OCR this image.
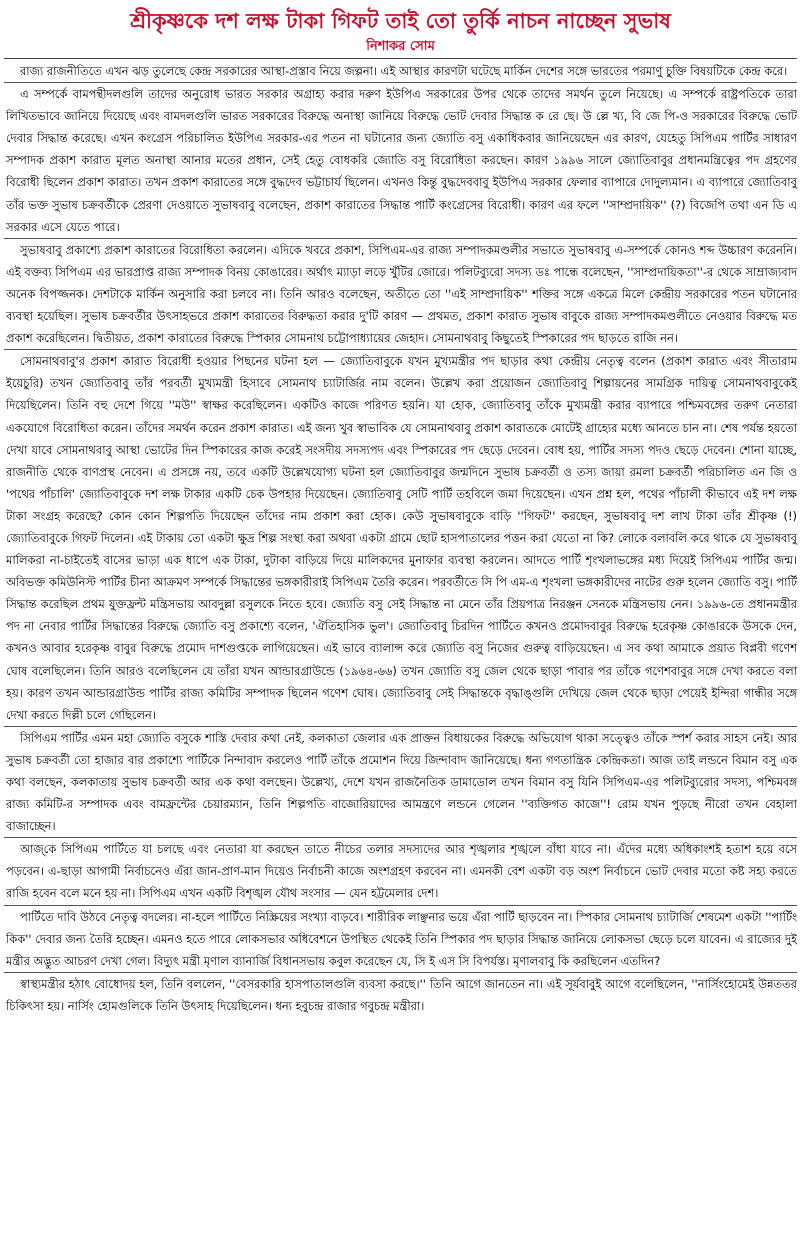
শ্রীকৃষ্ণকে দশ লক্ষ টাকা গিফট তাই তো তুর্কি নাচন নাচ্ছেন সুভাষ
নিশাকর সোম

রাজ্য রাজনীতিতে এখন ঝড় তুলেছে কেন্দ্র সরকারের আস্থা-প্রস্তাব নিয়ে জল্পনা। এই আস্থার কারণটা ঘটেছে মার্কিন দেশের সঙ্গে ভারতের পরমাণু চুক্তি বিষয়টিকে কেন্দ্র করে।

এ সম্পর্কে বামপন্থীদলগুলি তাদের অনুরোধ ভারত সরকার অগ্রাহ্য করার দরুণ ইউপিএ সরকারের উপর থেকে তাদের সমর্থন তুলে নিয়েছে। এ সম্পর্কে রাষ্ট্রপতিকে তারা লিখিতভাবে জানিয়ে দিয়েছে এবং বামদলগুলি ভারত সরকারের বিরুদ্ধে অনাস্থা জানিয়ে বিরুদ্ধে ভোট দেবার সিদ্ধান্ত ক রে ছে। উ ল্লে খ্য, বি জে পি-ও সরকারের বিরুদ্ধে ভোট দেবার সিদ্ধান্ত করেছে। এখন কংগ্রেস পরিচালিত ইউপিএ সরকার-এর পতন না ঘটানোর জন্য জ্যোতি বসু একাধিকবার জানিয়েছেন এর কারণ, যেহেতু সিপিএম পার্টির সাধারণ সম্পাদক প্রকাশ কারাত মূলত অনাস্থা আনার মতের প্রধান, সেই হেতু বোধকরি জ্যোতি বসু বিরোধিতা করছেন। কারণ ১৯৯৬ সালে জ্যোতিবাবুর প্রধানমন্ত্রিত্বের পদ গ্রহণের বিরোধী ছিলেন প্রকাশ কারাত। তখন প্রকাশ কারাতের সঙ্গে বুদ্ধদেব ভট্টাচার্য ছিলেন। এখনও কিন্তু বুদ্ধদেববাবু ইউপিএ সরকার ফেলার ব্যাপারে দোদুল্যমান। এ ব্যাপারে জ্যোতিবাবু তাঁর ভক্ত সুভাষ চক্রবর্তীকে প্রেরণা দেওয়াতে সুভাষবাবু বলেছেন, প্রকাশ কারাতের সিদ্ধান্ত পার্টি কংগ্রেসের বিরোধী। কারণ এর ফলে ''সাম্প্রদায়িক'' (?) বিজেপি তথা এন ডি এ সরকার এসে যেতে পারে।

সুভাষবাবু প্রকাশ্যে প্রকাশ কারাতের বিরোধিতা করলেন। এদিকে খবরে প্রকাশ, সিপিএম-এর রাজ্য সম্পাদকমণ্ডলীর সভাতে সুভাষবাবু এ-সম্পর্কে কোনও শব্দ উচ্চারণ করেননি। এই বক্তব্য সিপিএম এর ভারপ্রাপ্ত রাজ্য সম্পাদক বিনয় কোঙারের। অর্থাৎ ম্যাড়া লড়ে খুঁটির জোরে। পলিটব্যুরো সদস্য ডঃ পান্ধে বলেছেন, ''সাম্প্রদায়িকতা''-র থেকে সাম্রাজ্যবাদ অনেক বিপজ্জনক। দেশটাকে মার্কিন অনুসারি করা চলবে না। তিনি আরও বলেছেন, অতীতে তো ''এই সাম্প্রদায়িক'' শক্তির সঙ্গে একত্রে মিলে কেন্দ্রীয় সরকারের পতন ঘটানোর ব্যবস্থা হয়েছিল। সুভাষ চক্রবর্তীর উৎসাহভরে প্রকাশ কারাতের বিরুদ্ধতা করার দু'টি কারণ — প্রথমত, প্রকাশ কারাত সুভাষ বাবুকে রাজ্য সম্পাদকমণ্ডলীতে নেওয়ার বিরুদ্ধে মত প্রকাশ করেছিলেন। দ্বিতীয়ত, প্রকাশ কারাতের বিরুদ্ধে স্পিকার সোমনাথ চট্টোপাধ্যায়ের জেহাদ। সোমনাথবাবু কিছুতেই স্পিকারের পদ ছাড়তে রাজি নন।

সোমনাথবাবু'র প্রকাশ কারাত বিরোধী হওয়ার পিছনের ঘটনা হল — জ্যোতিবাবুকে যখন মুখ্যমন্ত্রীর পদ ছাড়ার কথা কেন্দ্রীয় নেতৃত্ব বলেন (প্রকাশ কারাত এবং সীতারাম ইয়েচুরি) তখন জ্যোতিবাবু তাঁর পরবর্তী মুখ্যমন্ত্রী হিসাবে সোমনাথ চ্যাটার্জির নাম বলেন। উল্লেখ করা প্রয়োজন জ্যোতিবাবু শিল্পায়নের সামগ্রিক দায়িত্ব সোমনাথবাবুকেই দিয়েছিলেন। তিনি বহু দেশে গিয়ে ''মউ'' স্বাক্ষর করেছিলেন। একটিও কাজে পরিণত হয়নি। যা হোক, জ্যোতিবাবু তাঁকে মুখ্যমন্ত্রী করার ব্যাপারে পশ্চিমবঙ্গের তরুণ নেতারা একযোগে বিরোধিতা করেন। তাঁদের সমর্থন করেন প্রকাশ কারাত। এই জন্য খুব স্বাভাবিক যে সোমনাথবাবু প্রকাশ কারাতকে মোটেই গ্রাহ্যের মধ্যে আনতে চান না। শেষ পর্যন্ত হয়তো দেখা যাবে সোমনাথবাবু আস্থা ভোটের দিন স্পিকারের কাজ করেই সংসদীয় সদস্যপদ এবং স্পিকারের পদ ছেড়ে দেবেন। বোধ হয়, পার্টির সদস্য পদও ছেড়ে দেবেন। শোনা যাচ্ছে, রাজনীতি থেকে বাণপ্রস্থ নেবেন। এ প্রসঙ্গে নয়, তবে একটি উল্লেখযোগ্য ঘটনা হল জ্যোতিবাবুর জন্মদিনে সুভাষ চক্রবর্তী ও তস্য জায়া রমলা চক্রবর্তী পরিচালিত এন জি ও 'পথের পাঁচালি' জ্যোতিবাবুকে দশ লক্ষ টাকার একটি চেক উপহার দিয়েছেন। জ্যোতিবাবু সেটি পার্টি তহবিলে জমা দিয়েছেন। এখন প্রশ্ন হল, পথের পাঁচালী কীভাবে এই দশ লক্ষ টাকা সংগ্রহ করেছে? কোন কোন শিল্পপতি দিয়েছেন তাঁদের নাম প্রকাশ করা হোক। কেউ সুভাষবাবুকে বাড়ি ''গিফট'' করছেন, সুভাষবাবু দশ লাখ টাকা তাঁর শ্রীকৃষ্ণ (!) জ্যোতিবাবুকে গিফট দিলেন। এই টাকায় তো একটা ক্ষুদ্র শিল্প সংস্থা করা অথবা একটা গ্রামে ছোট হাসপাতালের পত্তন করা যেতো না কি? লোকে বলাবলি করে থাকে যে সুভাষবাবু মালিকরা না-চাইতেই বাসের ভাড়া এক ধাপে এক টাকা, দুটাকা বাড়িয়ে দিয়ে মালিকদের মুনাফার ব্যবস্থা করলেন। আদতে পার্টি শৃংখলাভঙ্গের মধ্য দিয়েই সিপিএম পার্টির জন্ম। অবিভক্ত কমিউনিস্ট পার্টির চীনা আক্রমণ সম্পর্কে সিদ্ধান্তের ভঙ্গকারীরাই সিপিএম তৈরি করেন। পরবর্তীতে সি পি এম-এ শৃংখলা ভঙ্গকারীদের নাটের গুরু হলেন জ্যোতি বসু। পার্টি সিদ্ধান্ত করেছিল প্রথম যুক্তফ্রন্ট মন্ত্রিসভায় আবদুল্লা রসুলকে নিতে হবে। জ্যোতি বসু সেই সিদ্ধান্ত না মেনে তাঁর প্রিয়পাত্র নিরঞ্জন সেনকে মন্ত্রিসভায় নেন। ১৯৯৬-তে প্রধানমন্ত্রীর পদ না নেবার পার্টির সিদ্ধান্তের বিরুদ্ধে জ্যোতি বসু প্রকাশ্যে বলেন, 'ঐতিহাসিক ভুল'। জ্যোতিবাবু চিরদিন পার্টিতে কখনও প্রমোদবাবুর বিরুদ্ধে হরেকৃষ্ণ কোঙারকে উসকে দেন, কখনও আবার হরেকৃষ্ণ বাবুর বিরুদ্ধে প্রমোদ দাশগুপ্তকে লাগিয়েছেন। এই ভাবে ব্যালান্স করে জ্যোতি বসু নিজের গুরুত্ব বাড়িয়েছেন। এ সব কথা আমাকে প্রয়াত বিপ্লবী গণেশ ঘোষ বলেছিলেন। তিনি আরও বলেছিলেন যে তাঁরা যখন আন্ডারগ্রাউন্ডে (১৯৬৪-৬৬) তখন জ্যোতি বসু জেল থেকে ছাড়া পাবার পর তাঁকে গণেশবাবুর সঙ্গে দেখা করতে বলা হয়। কারণ তখন আন্ডারগ্রাউন্ড পার্টির রাজ্য কমিটির সম্পাদক ছিলেন গণেশ ঘোষ। জ্যোতিবাবু সেই সিদ্ধান্তকে বৃদ্ধাঙ্গুলি দেখিয়ে জেল থেকে ছাড়া পেয়েই ইন্দিরা গান্ধীর সঙ্গে দেখা করতে দিল্লী চলে গেছিলেন।

সিপিএম পার্টির এমন মহা জ্যোতি বসুকে শাস্তি দেবার কথা নেই, কলকাতা জেলার এক প্রাক্তন বিধায়কের বিরুদ্ধে অভিযোগ থাকা সত্ত্বেও তাঁকে স্পর্শ করার সাহস নেই। আর সুভাষ চক্রবর্তী তো হাজার বার প্রকাশ্যে পার্টিকে নিন্দাবাদ করলেও পার্টি তাঁকে প্রমোশন দিয়ে জিন্দাবাদ জানিয়েছে। ধন্য গণতান্ত্রিক কেন্দ্রিকতা। আজ তাই লন্ডনে বিমান বসু এক কথা বলছেন, কলকাতায় সুভাষ চক্রবর্তী আর এক কথা বলছেন। উল্লেখ্য, দেশে যখন রাজনৈতিক ডামাডোল তখন বিমান বসু যিনি সিপিএম-এর পলিটব্যুরোর সদস্য, পশ্চিমবঙ্গ রাজ্য কমিটি-র সম্পাদক এবং বামফ্রন্টের চেয়ারম্যান, তিনি শিল্পপতি বাজোরিয়াদের আমন্ত্রণে লন্ডনে গেলেন ''ব্যক্তিগত কাজে''! রোম যখন পুড়ছে নীরো তখন বেহালা বাজাচ্ছেন।

আজ্‌কে সিপিএম পার্টিতে যা চলছে এবং নেতারা যা করছেন তাতে নীচের তলার সদস্যদের আর শৃঙ্খলার শৃঙ্খলে বাঁধা যাবে না। এঁদের মধ্যে অধিকাংশই হতাশ হয়ে বসে পড়বেন। এ-ছাড়া আগামী নির্বাচনেও এঁরা জান-প্রাণ-মান দিয়েও নির্বাচনী কাজে অংশগ্রহণ করবেন না। এমনকী বেশ একটা বড় অংশ নির্বাচনে ভোট দেবার মতো কষ্ট সহ্য করতে রাজি হবেন বলে মনে হয় না। সিপিএম এখন একটি বিশৃঙ্খল যৌথ সংসার — যেন হট্টমেলার দেশ।

পার্টিতে দাবি উঠবে নেতৃত্ব বদলের। না-হলে পার্টিতে নিস্ক্রিয়ের সংখ্যা বাড়বে। শারীরিক লাঞ্ছনার ভয়ে এঁরা পার্টি ছাড়বেন না। স্পিকার সোমনাথ চ্যাটার্জি শেষমেশ একটা ''পার্টিং কিক'' দেবার জন্য তৈরি হচ্ছেন। এমনও হতে পারে লোকসভার অধিবেশনে উপস্থিত থেকেই তিনি স্পিকার পদ ছাড়ার সিদ্ধান্ত জানিয়ে লোকসভা ছেড়ে চলে যাবেন। এ রাজ্যের দুই মন্ত্রীর অদ্ভুত আচরণ দেখা গেল। বিদ্যুৎ মন্ত্রী মৃণাল ব্যানার্জি বিধানসভায় কবুল করেছেন যে, সি ই এস সি বিপর্যস্ত। মৃণালবাবু কি করছিলেন এতদিন?

স্বাস্থ্যমন্ত্রীর হঠাৎ বোধোদয় হল, তিনি বললেন, ''বেসরকারি হাসপাতালগুলি ব্যবসা করছে।'' তিনি আগে জানতেন না। এই সূর্যবাবুই আগে বলেছিলেন, ''নার্সিংহোমেই উন্নততর চিকিৎসা হয়। নার্সিং হোমগুলিকে তিনি উৎসাহ দিয়েছিলেন। ধন্য হবুচন্দ্র রাজার গবুচন্দ্র মন্ত্রীরা।
